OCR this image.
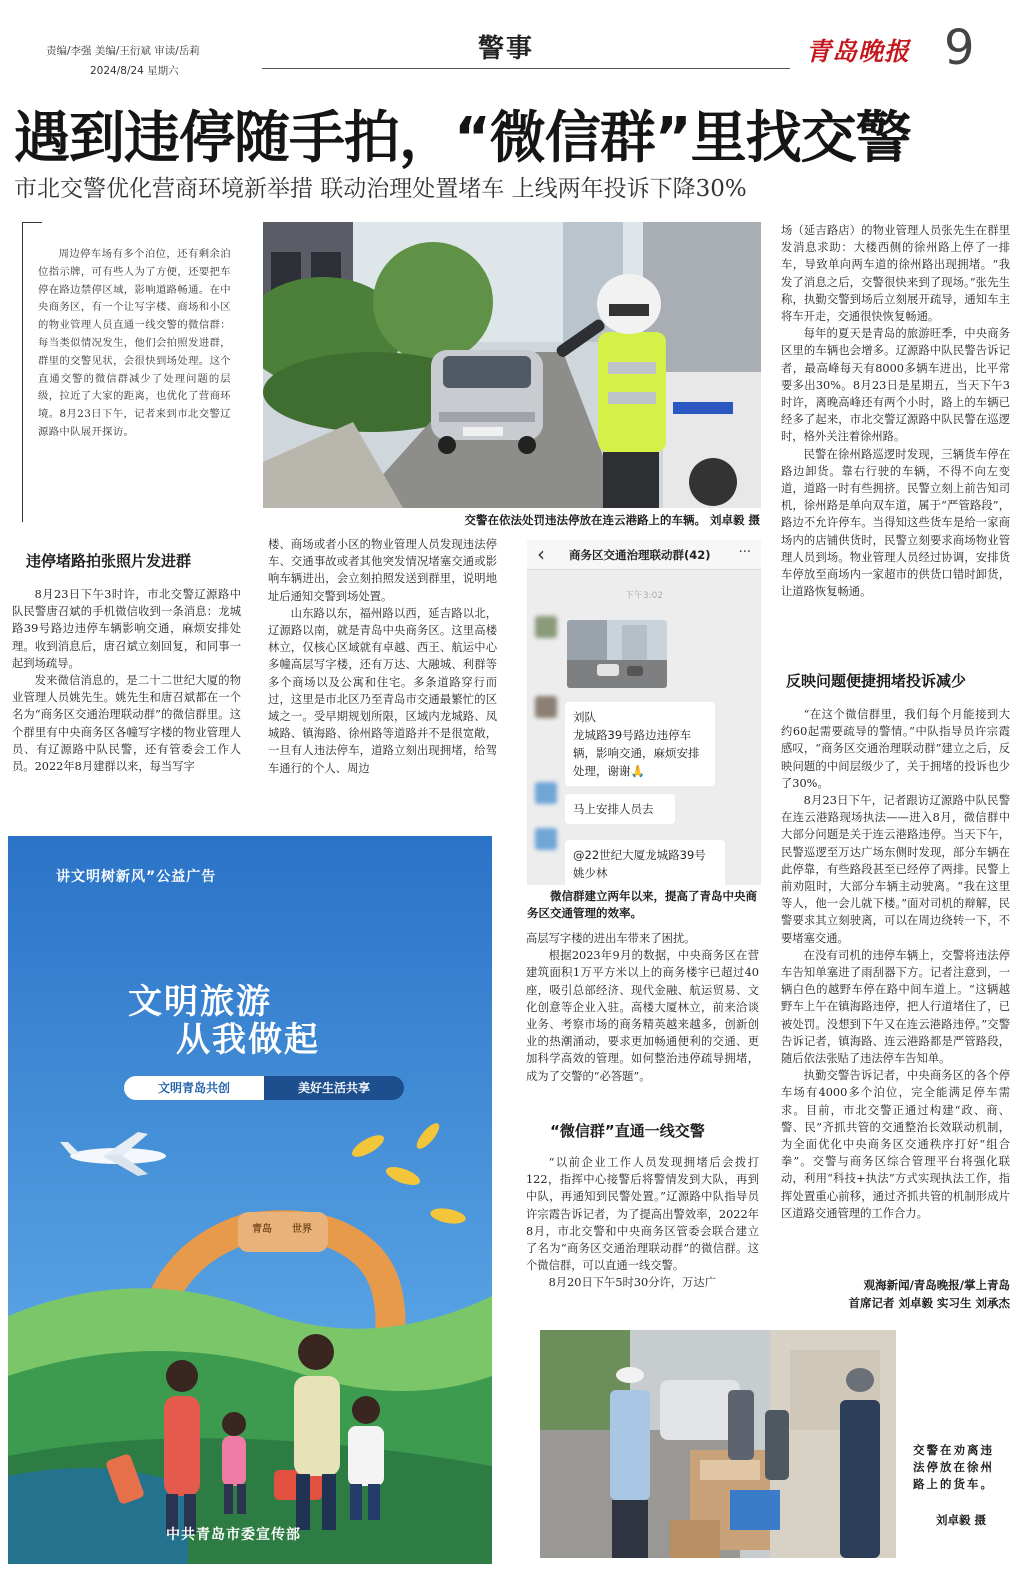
责编/李强 美编/王衍斌 审读/岳莉
2024/8/24 星期六
警事	青岛晚报 9
遇到违停随手拍，“微信群”里找交警
市北交警优化营商环境新举措 联动治理处置堵车 上线两年投诉下降30%
周边停车场有多个泊位，还有剩余泊位指示牌，可有些人为了方便，还要把车停在路边禁停区域，影响道路畅通。在中央商务区，有一个让写字楼、商场和小区的物业管理人员直通一线交警的微信群：每当类似情况发生，他们会拍照发进群，群里的交警见状，会很快到场处理。这个直通交警的微信群减少了处理问题的层级，拉近了大家的距离，也优化了营商环境。8月23日下午，记者来到市北交警辽源路中队展开探访。
违停堵路拍张照片发进群

8月23日下午3时许，市北交警辽源路中队民警唐召斌的手机微信收到一条消息：龙城路39号路边违停车辆影响交通，麻烦安排处理。收到消息后，唐召斌立刻回复，和同事一起到场疏导。

发来微信消息的，是二十二世纪大厦的物业管理人员姚先生。姚先生和唐召斌都在一个名为“商务区交通治理联动群”的微信群里。这个群里有中央商务区各幢写字楼的物业管理人员、有辽源路中队民警，还有管委会工作人员。2022年8月建群以来，每当写字

交警在依法处罚违法停放在连云港路上的车辆。 刘卓毅 摄

楼、商场或者小区的物业管理人员发现违法停车、交通事故或者其他突发情况堵塞交通或影响车辆进出，会立刻拍照发送到群里，说明地址后通知交警到场处置。

山东路以东，福州路以西，延吉路以北，辽源路以南，就是青岛中央商务区。这里高楼林立，仅核心区域就有卓越、西王、航运中心多幢高层写字楼，还有万达、大融城、利群等多个商场以及公寓和住宅。多条道路穿行而过，这里是市北区乃至青岛市交通最繁忙的区域之一。受早期规划所限，区域内龙城路、凤城路、镇海路、徐州路等道路并不是很宽敞，一旦有人违法停车，道路立刻出现拥堵，给驾车通行的个人、周边

‹ 商务区交通治理联动群(42) ···
下午3:02
刘队
龙城路39号路边违停车辆，影响交通，麻烦安排处理，谢谢🙏
马上安排人员去
@22世纪大厦龙城路39号姚少林
微信群建立两年以来，提高了青岛中央商务区交通管理的效率。

高层写字楼的进出车带来了困扰。

根据2023年9月的数据，中央商务区在营建筑面积1万平方米以上的商务楼宇已超过40座，吸引总部经济、现代金融、航运贸易、文化创意等企业入驻。高楼大厦林立，前来洽谈业务、考察市场的商务精英越来越多，创新创业的热潮涌动，要求更加畅通便利的交通、更加科学高效的管理。如何整治违停疏导拥堵，成为了交警的“必答题”。

“微信群”直通一线交警

“以前企业工作人员发现拥堵后会拨打122，指挥中心接警后将警情发到大队，再到中队，再通知到民警处置。”辽源路中队指导员许宗霞告诉记者，为了提高出警效率，2022年8月，市北交警和中央商务区管委会联合建立了名为“商务区交通治理联动群”的微信群。这个微信群，可以直通一线交警。

8月20日下午5时30分许，万达广

场（延吉路店）的物业管理人员张先生在群里发消息求助：大楼西侧的徐州路上停了一排车，导致单向两车道的徐州路出现拥堵。“我发了消息之后，交警很快来到了现场。”张先生称，执勤交警到场后立刻展开疏导，通知车主将车开走，交通很快恢复畅通。

每年的夏天是青岛的旅游旺季，中央商务区里的车辆也会增多。辽源路中队民警告诉记者，最高峰每天有8000多辆车进出，比平常要多出30%。8月23日是星期五，当天下午3时许，离晚高峰还有两个小时，路上的车辆已经多了起来，市北交警辽源路中队民警在巡逻时，格外关注着徐州路。

民警在徐州路巡逻时发现，三辆货车停在路边卸货。靠右行驶的车辆，不得不向左变道，道路一时有些拥挤。民警立刻上前告知司机，徐州路是单向双车道，属于“严管路段”，路边不允许停车。当得知这些货车是给一家商场内的店铺供货时，民警立刻要求商场物业管理人员到场。物业管理人员经过协调，安排货车停放至商场内一家超市的供货口错时卸货，让道路恢复畅通。

反映问题便捷拥堵投诉减少

“在这个微信群里，我们每个月能接到大约60起需要疏导的警情。”中队指导员许宗霞感叹，“商务区交通治理联动群”建立之后，反映问题的中间层级少了，关于拥堵的投诉也少了30%。

8月23日下午，记者跟访辽源路中队民警在连云港路现场执法——进入8月，微信群中大部分问题是关于连云港路违停。当天下午，民警巡逻至万达广场东侧时发现，部分车辆在此停靠，有些路段甚至已经停了两排。民警上前劝阻时，大部分车辆主动驶离。“我在这里等人，他一会儿就下楼。”面对司机的辩解，民警要求其立刻驶离，可以在周边绕转一下，不要堵塞交通。

在没有司机的违停车辆上，交警将违法停车告知单塞进了雨刮器下方。记者注意到，一辆白色的越野车停在路中间车道上。“这辆越野车上午在镇海路违停，把人行道堵住了，已被处罚。没想到下午又在连云港路违停。”交警告诉记者，镇海路、连云港路都是严管路段，随后依法张贴了违法停车告知单。

执勤交警告诉记者，中央商务区的各个停车场有4000多个泊位，完全能满足停车需求。目前，市北交警正通过构建“政、商、警、民”齐抓共管的交通整治长效联动机制，为全面优化中央商务区交通秩序打好“组合拳”。交警与商务区综合管理平台将强化联动，利用“科技+执法”方式实现执法工作，指挥处置重心前移，通过齐抓共管的机制形成片区道路交通管理的工作合力。

观海新闻/青岛晚报/掌上青岛
首席记者 刘卓毅 实习生 刘承杰
交警在劝离违法停放在徐州路上的货车。
刘卓毅 摄
讲文明树新风”公益广告
文明旅游
从我做起
文明青岛共创	美好生活共享
青岛 世界
中共青岛市委宣传部
